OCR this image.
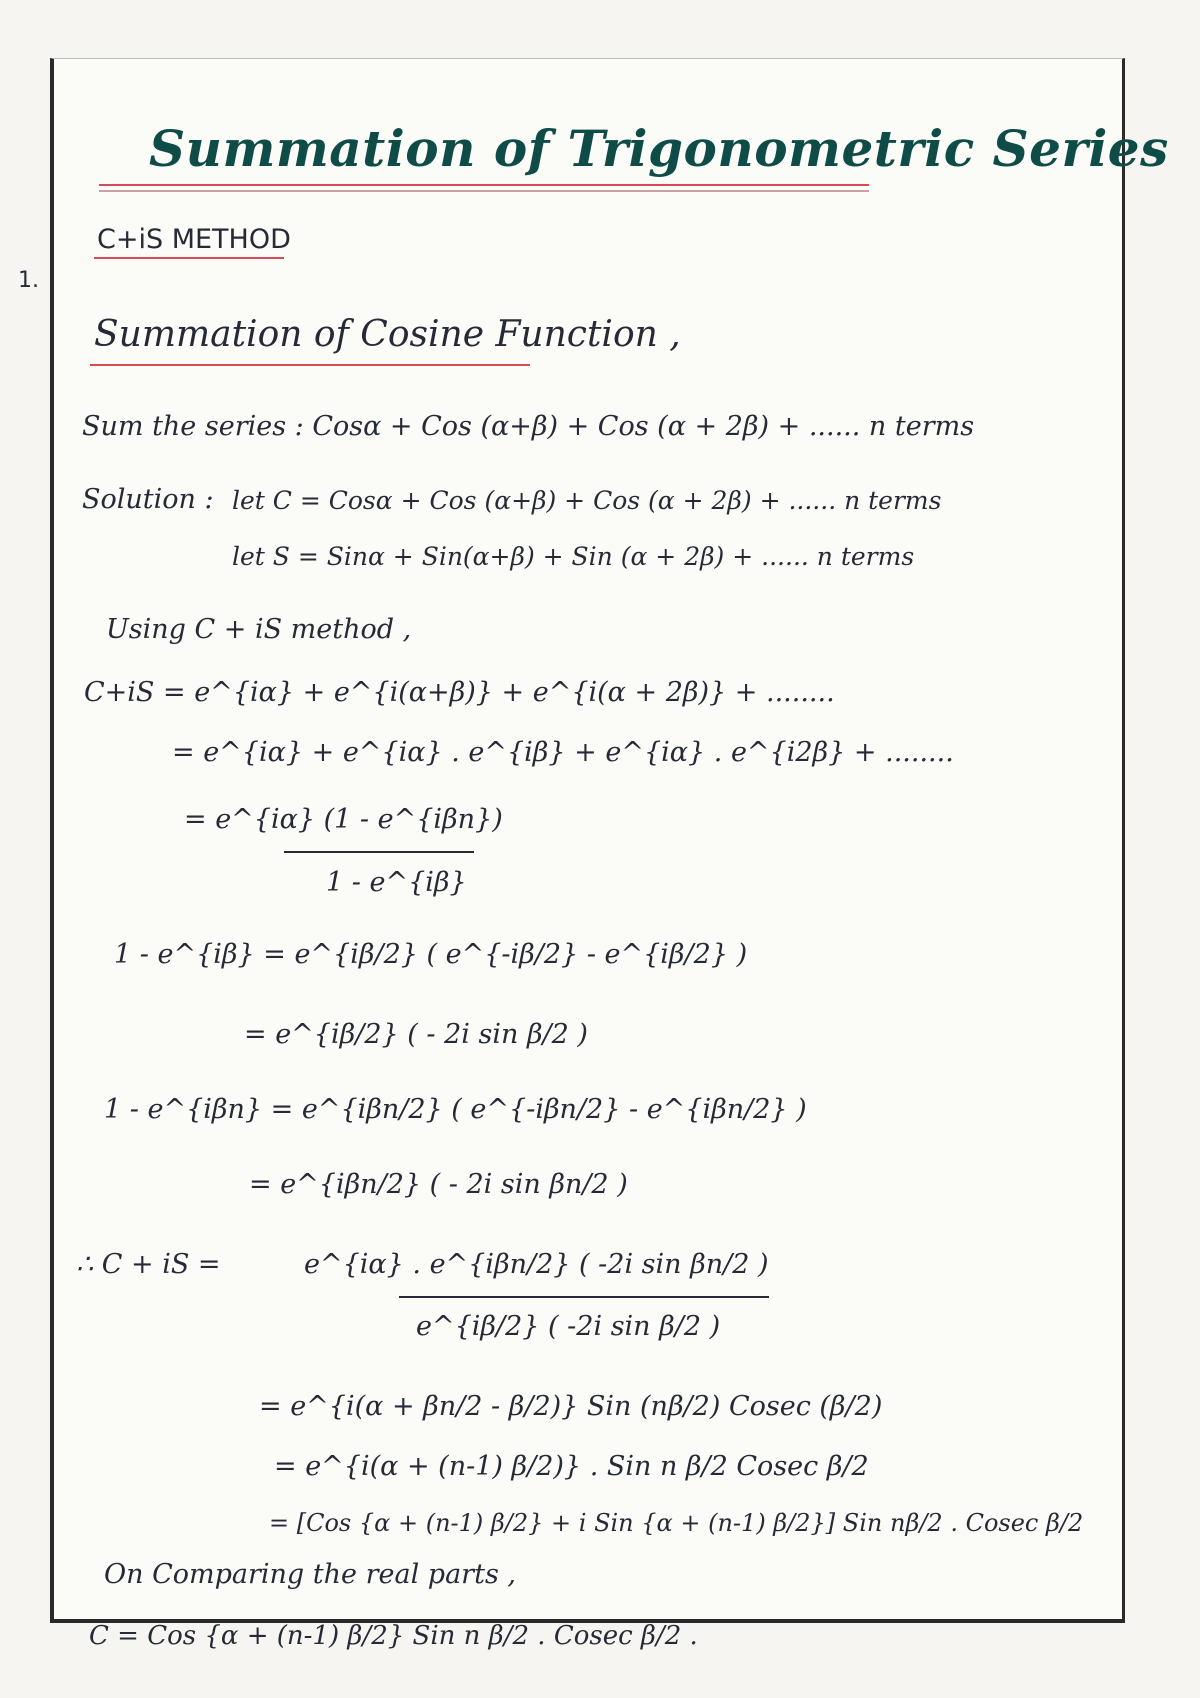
Summation of Trigonometric Series
C+iS METHOD
Summation of Cosine Function ,
Sum the series : Cosα + Cos (α+β) + Cos (α + 2β) + ...... n terms
Solution : let C = Cosα + Cos (α+β) + Cos (α + 2β) + ...... n terms
let S = Sinα + Sin(α+β) + Sin (α + 2β) + ...... n terms
Using C + iS method ,
C+iS = e^{iα} + e^{i(α+β)} + e^{i(α + 2β)} + ........
= e^{iα} + e^{iα} . e^{iβ} + e^{iα} . e^{i2β} + ........
= e^{iα} (1 - e^{iβn})
1 - e^{iβ}
1 - e^{iβ} = e^{iβ/2} ( e^{-iβ/2} - e^{iβ/2} )
= e^{iβ/2} ( - 2i sin β/2 )
1 - e^{iβn} = e^{iβn/2} ( e^{-iβn/2} - e^{iβn/2} )
= e^{iβn/2} ( - 2i sin βn/2 )
∴ C + iS =	e^{iα} . e^{iβn/2} ( -2i sin βn/2 )
e^{iβ/2} ( -2i sin β/2 )
= e^{i(α + βn/2 - β/2)} Sin (nβ/2) Cosec (β/2)
= e^{i(α + (n-1) β/2)} . Sin n β/2 Cosec β/2
= [Cos {α + (n-1) β/2} + i Sin {α + (n-1) β/2}] Sin nβ/2 . Cosec β/2
On Comparing the real parts ,
C = Cos {α + (n-1) β/2} Sin n β/2 . Cosec β/2 .
1.
